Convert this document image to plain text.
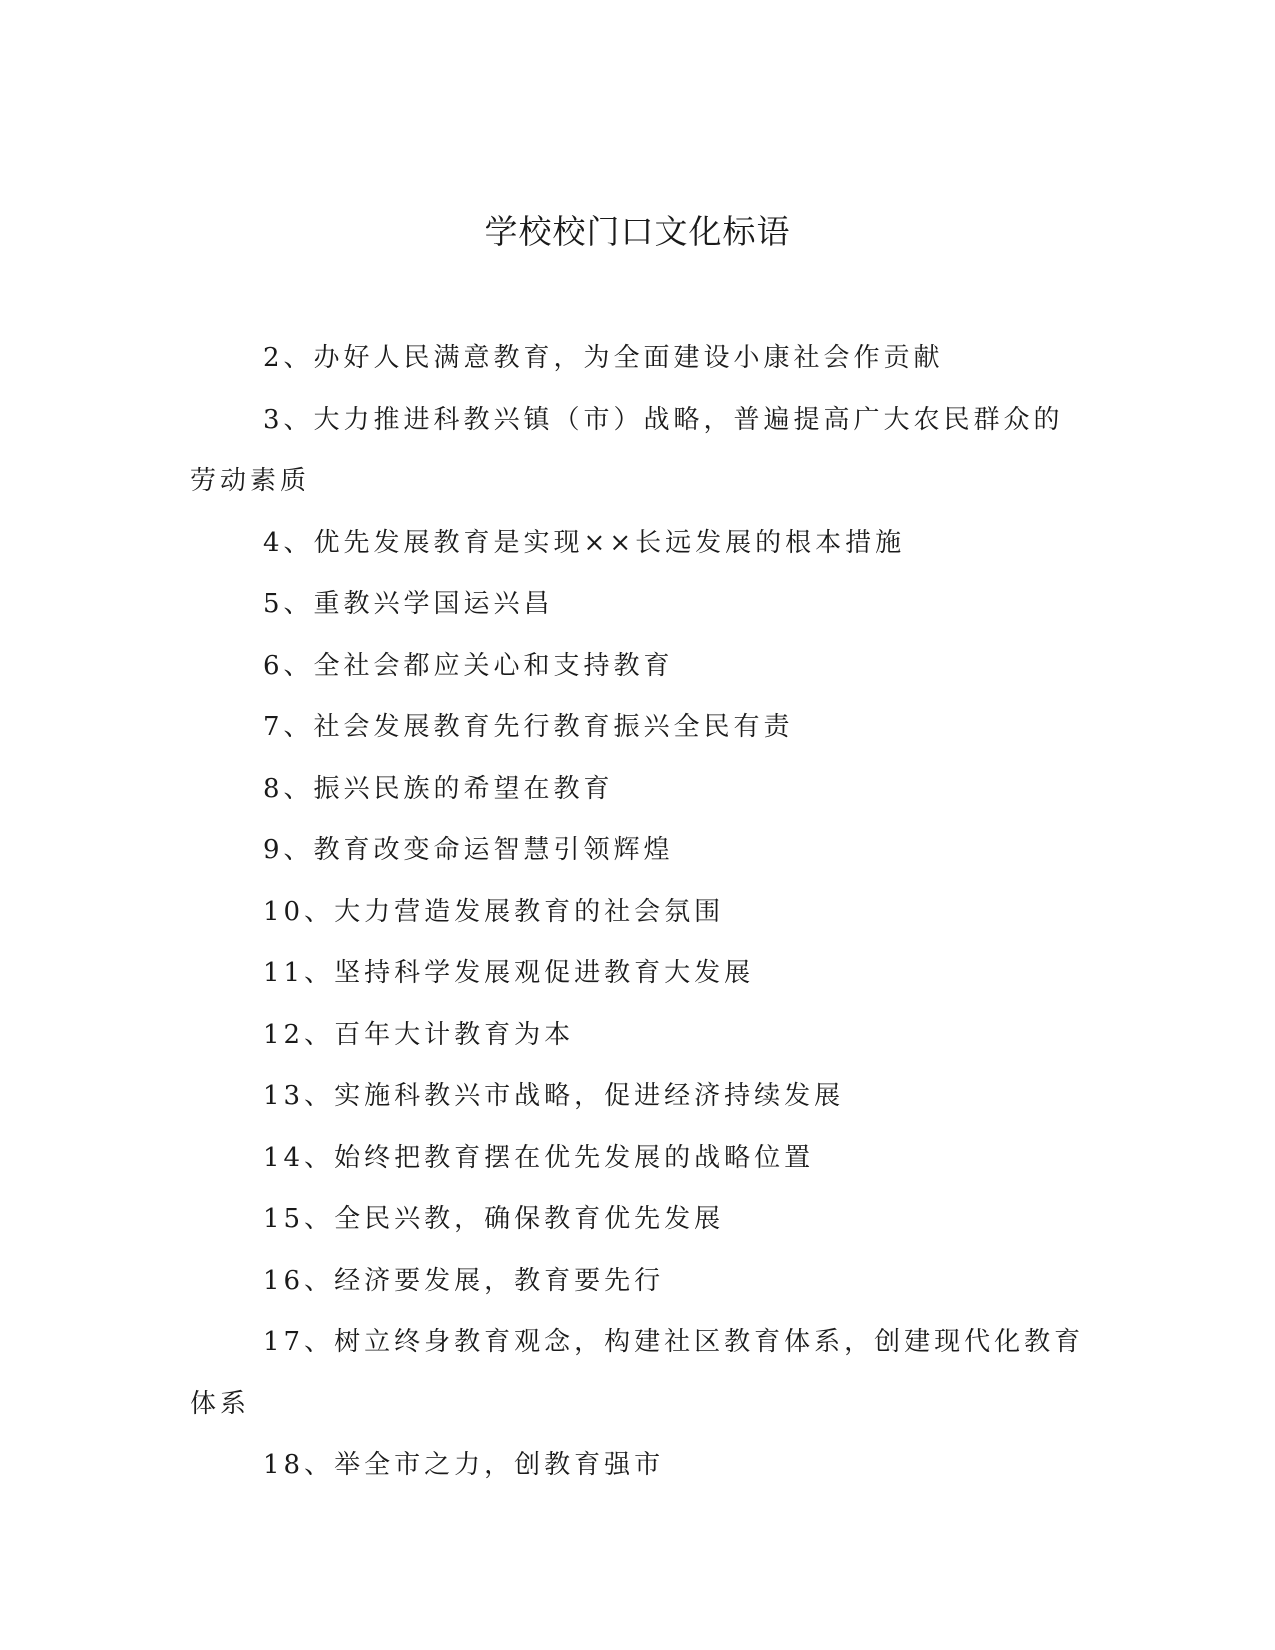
学校校门口文化标语
2、办好人民满意教育，为全面建设小康社会作贡献
3、大力推进科教兴镇（市）战略，普遍提高广大农民群众的劳动素质
4、优先发展教育是实现××长远发展的根本措施
5、重教兴学国运兴昌
6、全社会都应关心和支持教育
7、社会发展教育先行教育振兴全民有责
8、振兴民族的希望在教育
9、教育改变命运智慧引领辉煌
10、大力营造发展教育的社会氛围
11、坚持科学发展观促进教育大发展
12、百年大计教育为本
13、实施科教兴市战略，促进经济持续发展
14、始终把教育摆在优先发展的战略位置
15、全民兴教，确保教育优先发展
16、经济要发展，教育要先行
17、树立终身教育观念，构建社区教育体系，创建现代化教育体系
18、举全市之力，创教育强市
